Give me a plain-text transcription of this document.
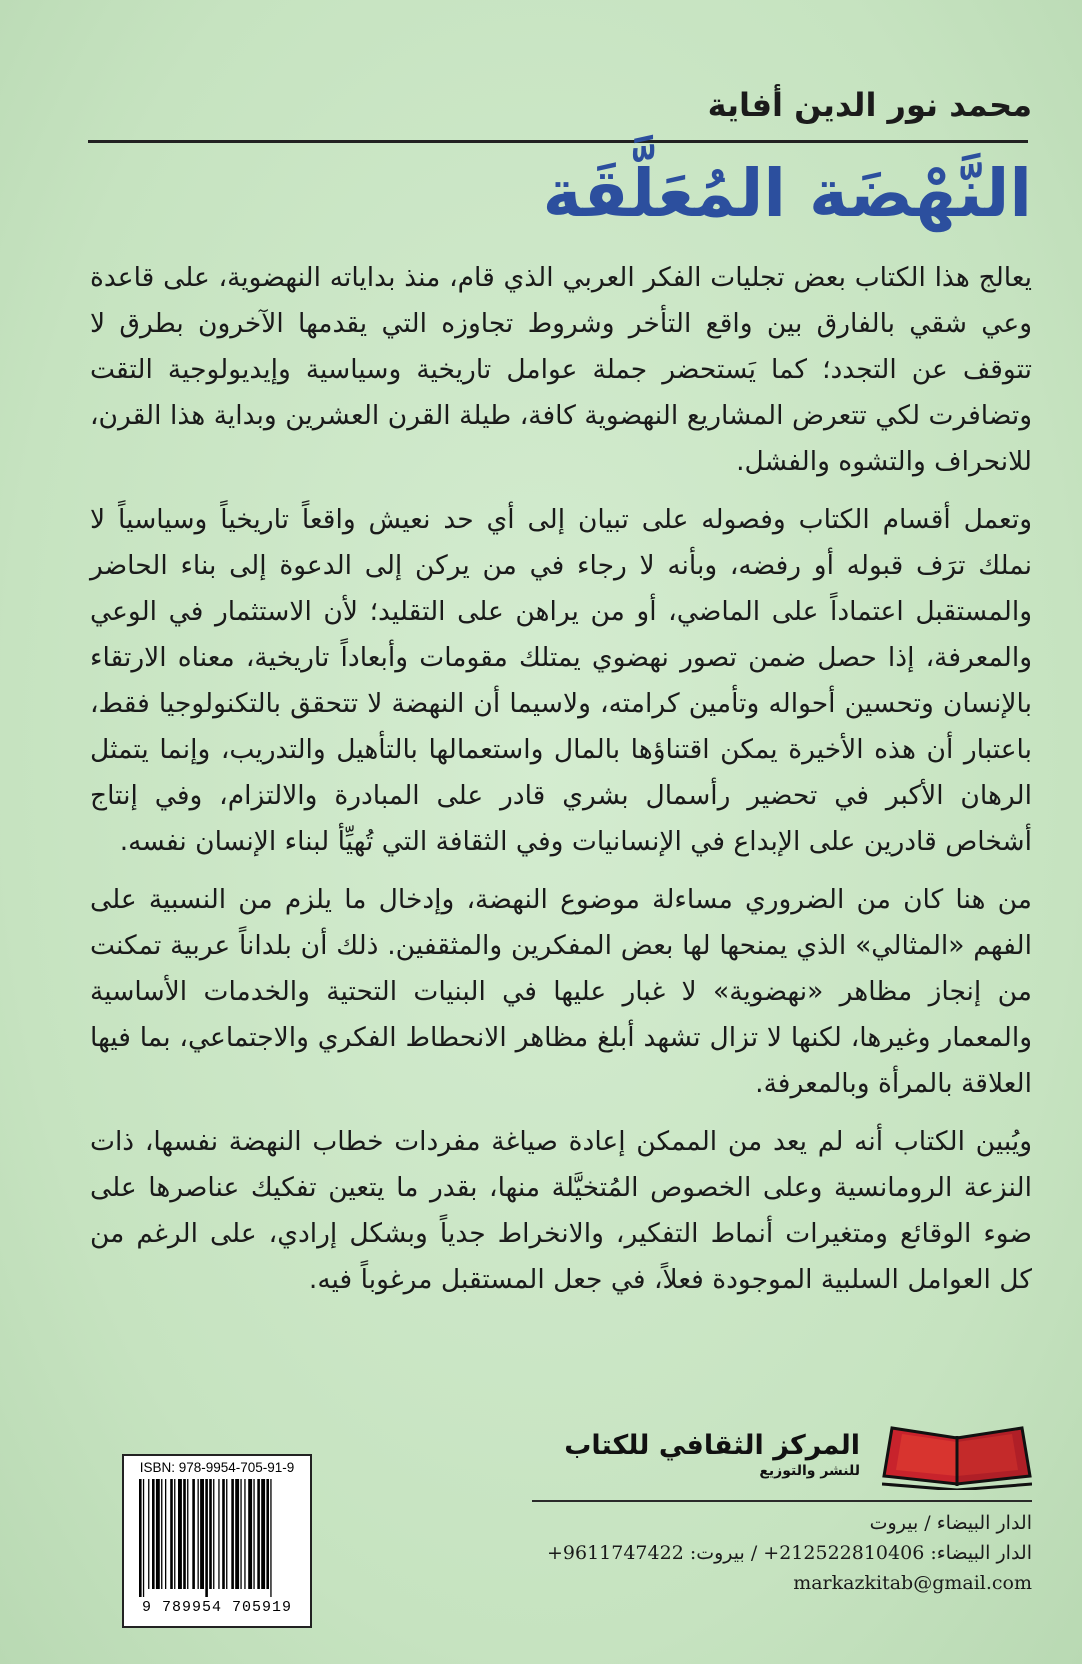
محمد نور الدين أفاية
النَّهْضَة المُعَلَّقَة

يعالج هذا الكتاب بعض تجليات الفكر العربي الذي قام، منذ بداياته النهضوية، على قاعدة وعي شقي بالفارق بين واقع التأخر وشروط تجاوزه التي يقدمها الآخرون بطرق لا تتوقف عن التجدد؛ كما يَستحضر جملة عوامل تاريخية وسياسية وإيديولوجية التقت وتضافرت لكي تتعرض المشاريع النهضوية كافة، طيلة القرن العشرين وبداية هذا القرن، للانحراف والتشوه والفشل.

وتعمل أقسام الكتاب وفصوله على تبيان إلى أي حد نعيش واقعاً تاريخياً وسياسياً لا نملك ترَف قبوله أو رفضه، وبأنه لا رجاء في من يركن إلى الدعوة إلى بناء الحاضر والمستقبل اعتماداً على الماضي، أو من يراهن على التقليد؛ لأن الاستثمار في الوعي والمعرفة، إذا حصل ضمن تصور نهضوي يمتلك مقومات وأبعاداً تاريخية، معناه الارتقاء بالإنسان وتحسين أحواله وتأمين كرامته، ولاسيما أن النهضة لا تتحقق بالتكنولوجيا فقط، باعتبار أن هذه الأخيرة يمكن اقتناؤها بالمال واستعمالها بالتأهيل والتدريب، وإنما يتمثل الرهان الأكبر في تحضير رأسمال بشري قادر على المبادرة والالتزام، وفي إنتاج أشخاص قادرين على الإبداع في الإنسانيات وفي الثقافة التي تُهيِّأ لبناء الإنسان نفسه.

من هنا كان من الضروري مساءلة موضوع النهضة، وإدخال ما يلزم من النسبية على الفهم «المثالي» الذي يمنحها لها بعض المفكرين والمثقفين. ذلك أن بلداناً عربية تمكنت من إنجاز مظاهر «نهضوية» لا غبار عليها في البنيات التحتية والخدمات الأساسية والمعمار وغيرها، لكنها لا تزال تشهد أبلغ مظاهر الانحطاط الفكري والاجتماعي، بما فيها العلاقة بالمرأة وبالمعرفة.

ويُبين الكتاب أنه لم يعد من الممكن إعادة صياغة مفردات خطاب النهضة نفسها، ذات النزعة الرومانسية وعلى الخصوص المُتخيَّلة منها، بقدر ما يتعين تفكيك عناصرها على ضوء الوقائع ومتغيرات أنماط التفكير، والانخراط جدياً وبشكل إرادي، على الرغم من كل العوامل السلبية الموجودة فعلاً، في جعل المستقبل مرغوباً فيه.

المركز الثقافي للكتاب
للنشر والتوزيع
الدار البيضاء / بيروت
الدار البيضاء: 212522810406+ / بيروت: 9611747422+
markazkitab@gmail.com
ISBN: 978-9954-705-91-9
9 789954 705919
